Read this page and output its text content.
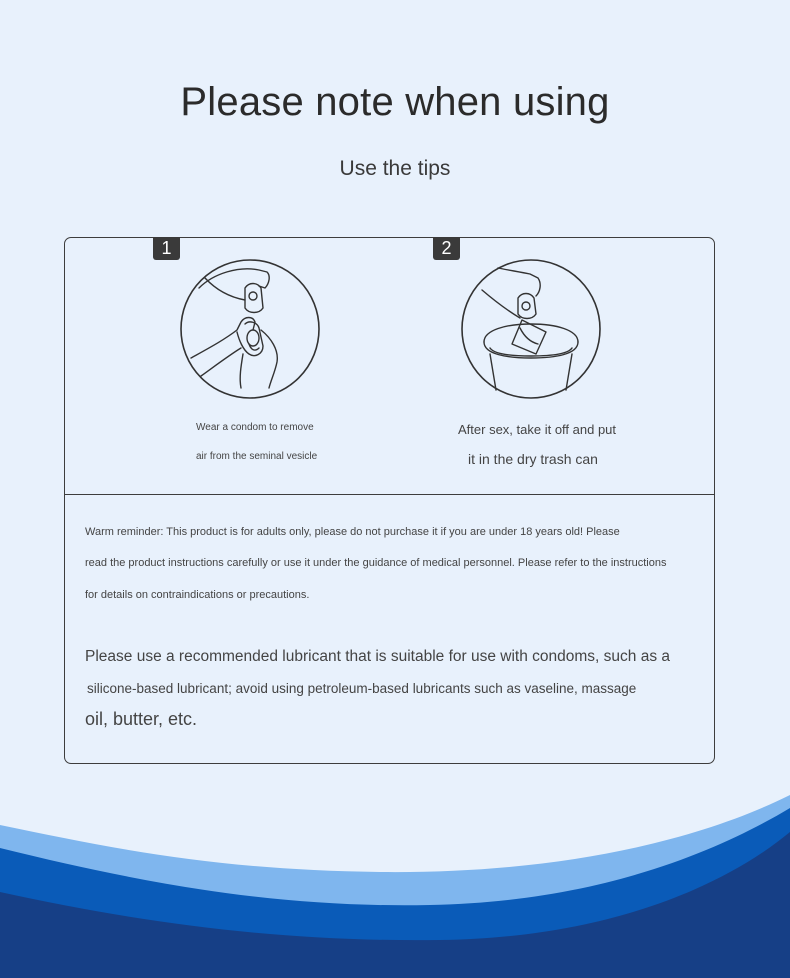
Please note when using
Use the tips
1
Wear a condom to remove
air from the seminal vesicle
2
After sex, take it off and put
it in the dry trash can
Warm reminder: This product is for adults only, please do not purchase it if you are under 18 years old! Please
read the product instructions carefully or use it under the guidance of medical personnel. Please refer to the instructions
for details on contraindications or precautions.
Please use a recommended lubricant that is suitable for use with condoms, such as a
silicone-based lubricant; avoid using petroleum-based lubricants such as vaseline, massage
oil, butter, etc.
